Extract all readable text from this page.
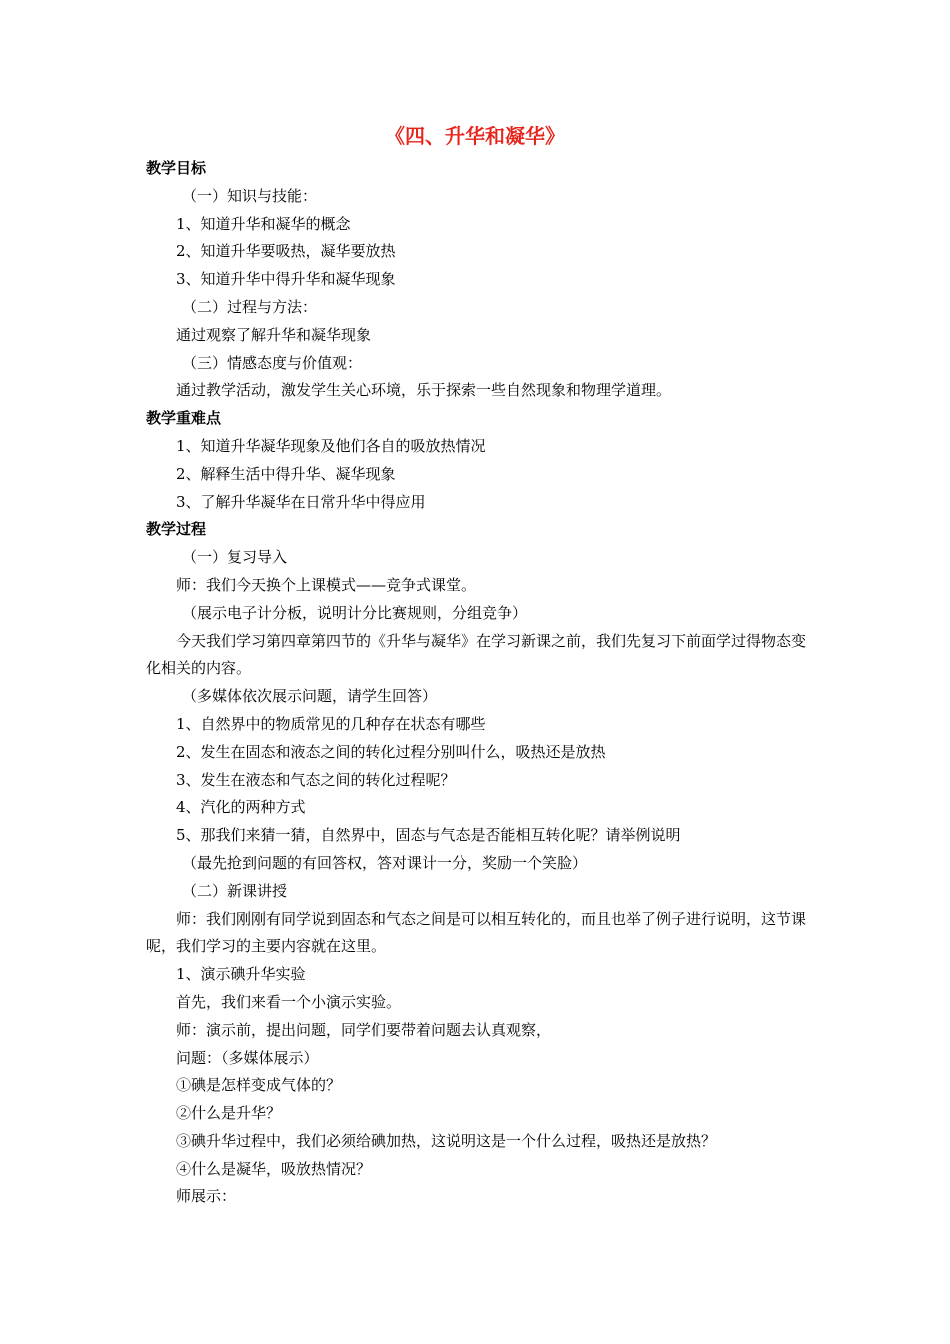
《四、升华和凝华》

教学目标

（一）知识与技能：

1、知道升华和凝华的概念

2、知道升华要吸热，凝华要放热

3、知道升华中得升华和凝华现象

（二）过程与方法：

通过观察了解升华和凝华现象

（三）情感态度与价值观：

通过教学活动，激发学生关心环境，乐于探索一些自然现象和物理学道理。

教学重难点

1、知道升华凝华现象及他们各自的吸放热情况

2、解释生活中得升华、凝华现象

3、了解升华凝华在日常升华中得应用

教学过程

（一）复习导入

师：我们今天换个上课模式——竞争式课堂。

（展示电子计分板，说明计分比赛规则，分组竞争）

今天我们学习第四章第四节的《升华与凝华》在学习新课之前，我们先复习下前面学过得物态变化相关的内容。

（多媒体依次展示问题，请学生回答）

1、自然界中的物质常见的几种存在状态有哪些

2、发生在固态和液态之间的转化过程分别叫什么，吸热还是放热

3、发生在液态和气态之间的转化过程呢？

4、汽化的两种方式

5、那我们来猜一猜，自然界中，固态与气态是否能相互转化呢？请举例说明

（最先抢到问题的有回答权，答对课计一分，奖励一个笑脸）

（二）新课讲授

师：我们刚刚有同学说到固态和气态之间是可以相互转化的，而且也举了例子进行说明，这节课呢，我们学习的主要内容就在这里。

1、演示碘升华实验

首先，我们来看一个小演示实验。

师：演示前，提出问题，同学们要带着问题去认真观察，

问题：（多媒体展示）

①碘是怎样变成气体的？

②什么是升华？

③碘升华过程中，我们必须给碘加热，这说明这是一个什么过程，吸热还是放热？

④什么是凝华，吸放热情况？

师展示：
